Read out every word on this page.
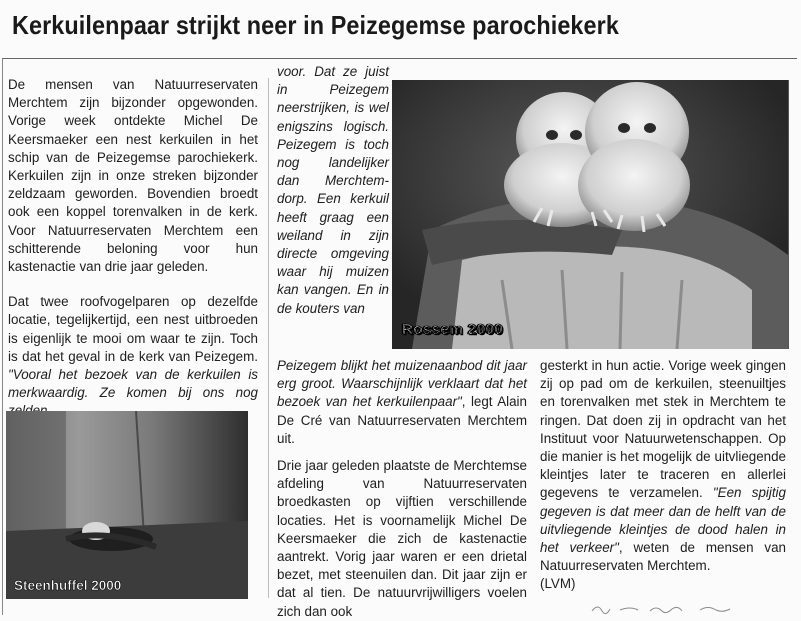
Kerkuilenpaar strijkt neer in Peizegemse parochiekerk

De mensen van Natuurreservaten Merchtem zijn bijzonder opgewonden. Vorige week ontdekte Michel De Keersmaeker een nest kerkuilen in het schip van de Peizegemse parochiekerk. Kerkuilen zijn in onze streken bijzonder zeldzaam geworden. Bovendien broedt ook een koppel torenvalken in de kerk. Voor Natuurreservaten Merchtem een schitterende beloning voor hun kastenactie van drie jaar geleden.

Dat twee roofvogelparen op dezelfde locatie, tegelijkertijd, een nest uitbroeden is eigenlijk te mooi om waar te zijn. Toch is dat het geval in de kerk van Peizegem. "Vooral het bezoek van de kerkuilen is merkwaardig. Ze komen bij ons nog

voor. Dat ze juist in Peizegem neerstrijken, is wel enigszins logisch. Peizegem is toch nog landelijker dan Merchtem-dorp. Een kerkuil heeft graag een weiland in zijn directe omgeving waar hij muizen kan vangen. En in de kouters van

Peizegem blijkt het muizenaanbod dit jaar erg groot. Waarschijnlijk verklaart dat het bezoek van het kerkuilenpaar", legt Alain De Cré van Natuurreservaten Merchtem uit.

Drie jaar geleden plaatste de Merchtemse afdeling van Natuurreservaten broedkasten op vijftien verschillende locaties. Het is voornamelijk Michel De Keersmaeker die zich de kastenactie aantrekt. Vorig jaar waren er een drietal bezet, met steenuilen dan. Dit jaar zijn er dat al tien. De natuurvrijwilligers voelen zich dan ook

gesterkt in hun actie. Vorige week gingen zij op pad om de kerkuilen, steenuiltjes en torenvalken met stek in Merchtem te ringen. Dat doen zij in opdracht van het Instituut voor Natuurwetenschappen. Op die manier is het mogelijk de uitvliegende kleintjes later te traceren en allerlei gegevens te verzamelen. "Een spijtig gegeven is dat meer dan de helft van de uitvliegende kleintjes de dood halen in het verkeer", weten de mensen van Natuurreservaten Merchtem.

(LVM)

Rossem 2000
Steenhuffel 2000
